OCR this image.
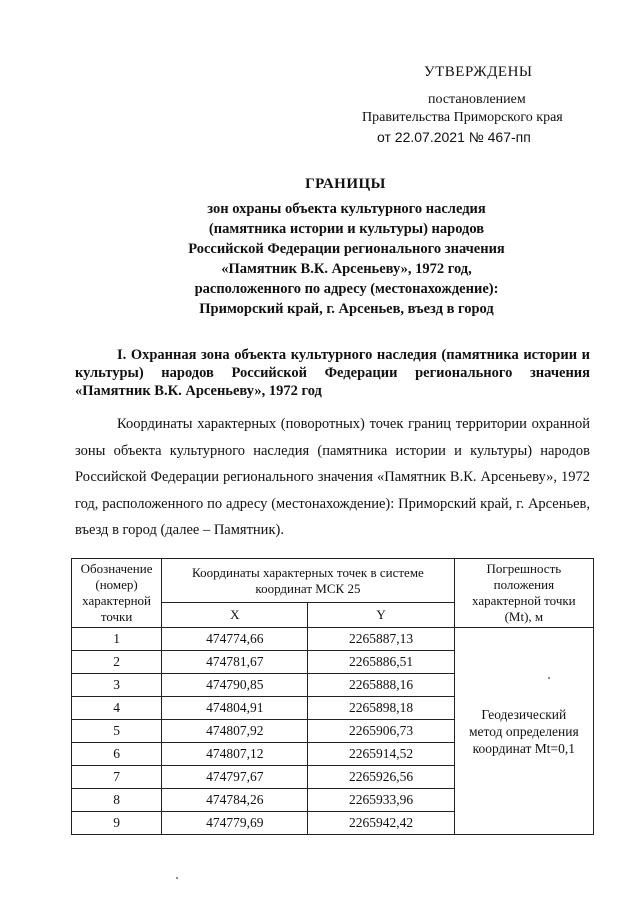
УТВЕРЖДЕНЫ
постановлением
Правительства Приморского края
от 22.07.2021 № 467-пп
ГРАНИЦЫ
зон охраны объекта культурного наследия
(памятника истории и культуры) народов
Российской Федерации регионального значения
«Памятник В.К. Арсеньеву», 1972 год,
расположенного по адресу (местонахождение):
Приморский край, г. Арсеньев, въезд в город
I. Охранная зона объекта культурного наследия (памятника истории и культуры) народов Российской Федерации регионального значения «Памятник В.К. Арсеньеву», 1972 год
Координаты характерных (поворотных) точек границ территории охранной зоны объекта культурного наследия (памятника истории и культуры) народов Российской Федерации регионального значения «Памятник В.К. Арсеньеву», 1972 год, расположенного по адресу (местонахождение): Приморский край, г. Арсеньев, въезд в город (далее – Памятник).
Обозначение (номер) характерной точки	Координаты характерных точек в системе координат МСК 25		Погрешность положения характерной точки (Mt), м

	X	Y	
1	474774,66	2265887,13	Геодезический метод определения координат Mt=0,1

2	474781,67	2265886,51	
3	474790,85	2265888,16	
4	474804,91	2265898,18	
5	474807,92	2265906,73	
6	474807,12	2265914,52	
7	474797,67	2265926,56	
8	474784,26	2265933,96	
9	474779,69	2265942,42	
